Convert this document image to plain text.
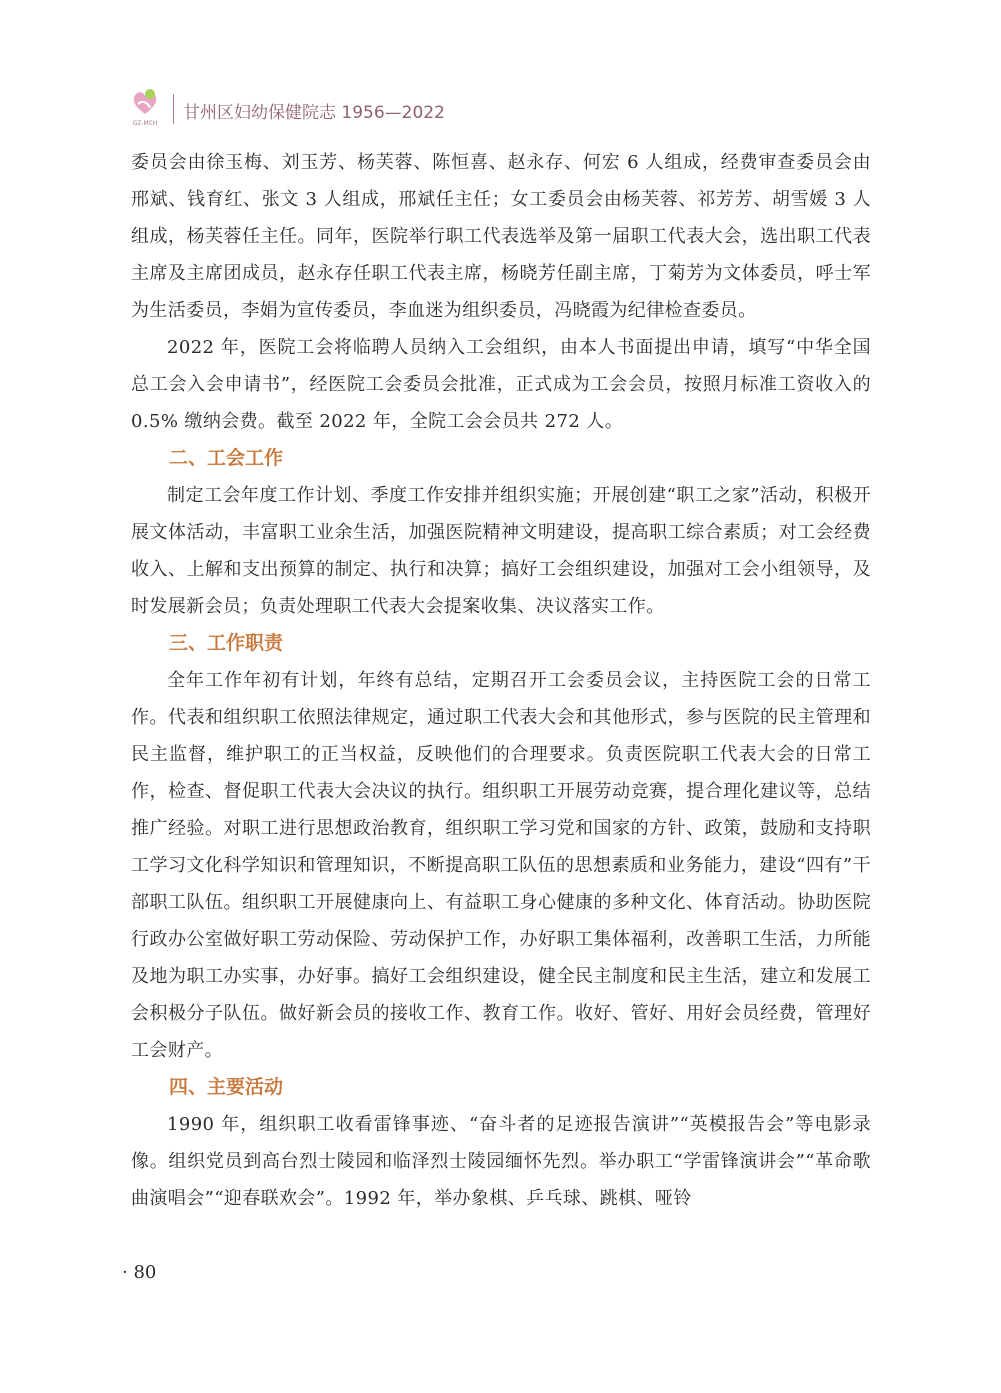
GZ-MCH
甘州区妇幼保健院志 1956—2022

委员会由徐玉梅、刘玉芳、杨芙蓉、陈恒喜、赵永存、何宏 6 人组成，经费审查委员会由邢斌、钱育红、张文 3 人组成，邢斌任主任；女工委员会由杨芙蓉、祁芳芳、胡雪媛 3 人组成，杨芙蓉任主任。同年，医院举行职工代表选举及第一届职工代表大会，选出职工代表主席及主席团成员，赵永存任职工代表主席，杨晓芳任副主席，丁菊芳为文体委员，呼士军为生活委员，李娟为宣传委员，李血迷为组织委员，冯晓霞为纪律检查委员。

2022 年，医院工会将临聘人员纳入工会组织，由本人书面提出申请，填写“中华全国总工会入会申请书”，经医院工会委员会批准，正式成为工会会员，按照月标准工资收入的 0.5% 缴纳会费。截至 2022 年，全院工会会员共 272 人。

二、工会工作

制定工会年度工作计划、季度工作安排并组织实施；开展创建“职工之家”活动，积极开展文体活动，丰富职工业余生活，加强医院精神文明建设，提高职工综合素质；对工会经费收入、上解和支出预算的制定、执行和决算；搞好工会组织建设，加强对工会小组领导，及时发展新会员；负责处理职工代表大会提案收集、决议落实工作。

三、工作职责

全年工作年初有计划，年终有总结，定期召开工会委员会议，主持医院工会的日常工作。代表和组织职工依照法律规定，通过职工代表大会和其他形式，参与医院的民主管理和民主监督，维护职工的正当权益，反映他们的合理要求。负责医院职工代表大会的日常工作，检查、督促职工代表大会决议的执行。组织职工开展劳动竞赛，提合理化建议等，总结推广经验。对职工进行思想政治教育，组织职工学习党和国家的方针、政策，鼓励和支持职工学习文化科学知识和管理知识，不断提高职工队伍的思想素质和业务能力，建设“四有”干部职工队伍。组织职工开展健康向上、有益职工身心健康的多种文化、体育活动。协助医院行政办公室做好职工劳动保险、劳动保护工作，办好职工集体福利，改善职工生活，力所能及地为职工办实事，办好事。搞好工会组织建设，健全民主制度和民主生活，建立和发展工会积极分子队伍。做好新会员的接收工作、教育工作。收好、管好、用好会员经费，管理好工会财产。

四、主要活动

1990 年，组织职工收看雷锋事迹、“奋斗者的足迹报告演讲”“英模报告会”等电影录像。组织党员到高台烈士陵园和临泽烈士陵园缅怀先烈。举办职工“学雷锋演讲会”“革命歌曲演唱会”“迎春联欢会”。1992 年，举办象棋、乒乓球、跳棋、哑铃

· 80
